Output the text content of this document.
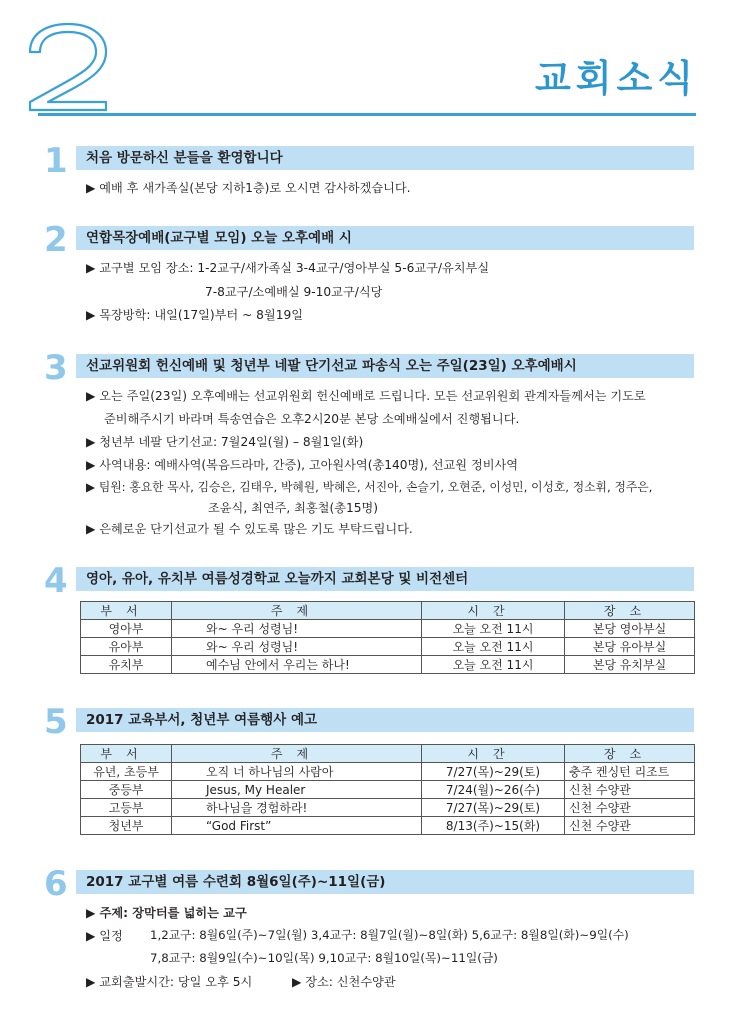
교회소식
1	처음 방문하신 분들을 환영합니다
▶ 예배 후 새가족실(본당 지하1층)로 오시면 감사하겠습니다.
2	연합목장예배(교구별 모임) 오늘 오후예배 시
▶ 교구별 모임 장소: 1-2교구/새가족실 3-4교구/영아부실 5-6교구/유치부실
7-8교구/소예배실 9-10교구/식당
▶ 목장방학: 내일(17일)부터 ~ 8월19일
3	선교위원회 헌신예배 및 청년부 네팔 단기선교 파송식 오는 주일(23일) 오후예배시
▶ 오는 주일(23일) 오후예배는 선교위원회 헌신예배로 드립니다. 모든 선교위원회 관계자들께서는 기도로
준비해주시기 바라며 특송연습은 오후2시20분 본당 소예배실에서 진행됩니다.
▶ 청년부 네팔 단기선교: 7월24일(월) – 8월1일(화)
▶ 사역내용: 예배사역(복음드라마, 간증), 고아원사역(총140명), 선교원 정비사역
▶ 팀원: 홍요한 목사, 김승은, 김태우, 박혜원, 박혜은, 서진아, 손슬기, 오현준, 이성민, 이성호, 정소휘, 정주은,
조윤식, 최연주, 최홍철(총15명)
▶ 은혜로운 단기선교가 될 수 있도록 많은 기도 부탁드립니다.
4	영아, 유아, 유치부 여름성경학교 오늘까지 교회본당 및 비전센터
부서	주제	시간	장소
영아부	와~ 우리 성령님!	오늘 오전 11시	본당 영아부실
유아부	와~ 우리 성령님!	오늘 오전 11시	본당 유아부실
유치부	예수님 안에서 우리는 하나!	오늘 오전 11시	본당 유치부실
5	2017 교육부서, 청년부 여름행사 예고
부서	주제	시간	장소
유년, 초등부	오직 너 하나님의 사람아	7/27(목)~29(토)	충주 켄싱턴 리조트
중등부	Jesus, My Healer	7/24(월)~26(수)	신천 수양관
고등부	하나님을 경험하라!	7/27(목)~29(토)	신천 수양관
청년부	“God First”	8/13(주)~15(화)	신천 수양관
6	2017 교구별 여름 수련회 8월6일(주)~11일(금)
▶ 주제: 장막터를 넓히는 교구
▶ 일정 1,2교구: 8월6일(주)~7일(월) 3,4교구: 8월7일(월)~8일(화) 5,6교구: 8월8일(화)~9일(수)
7,8교구: 8월9일(수)~10일(목) 9,10교구: 8월10일(목)~11일(금)
▶ 교회출발시간: 당일 오후 5시	▶ 장소: 신천수양관
